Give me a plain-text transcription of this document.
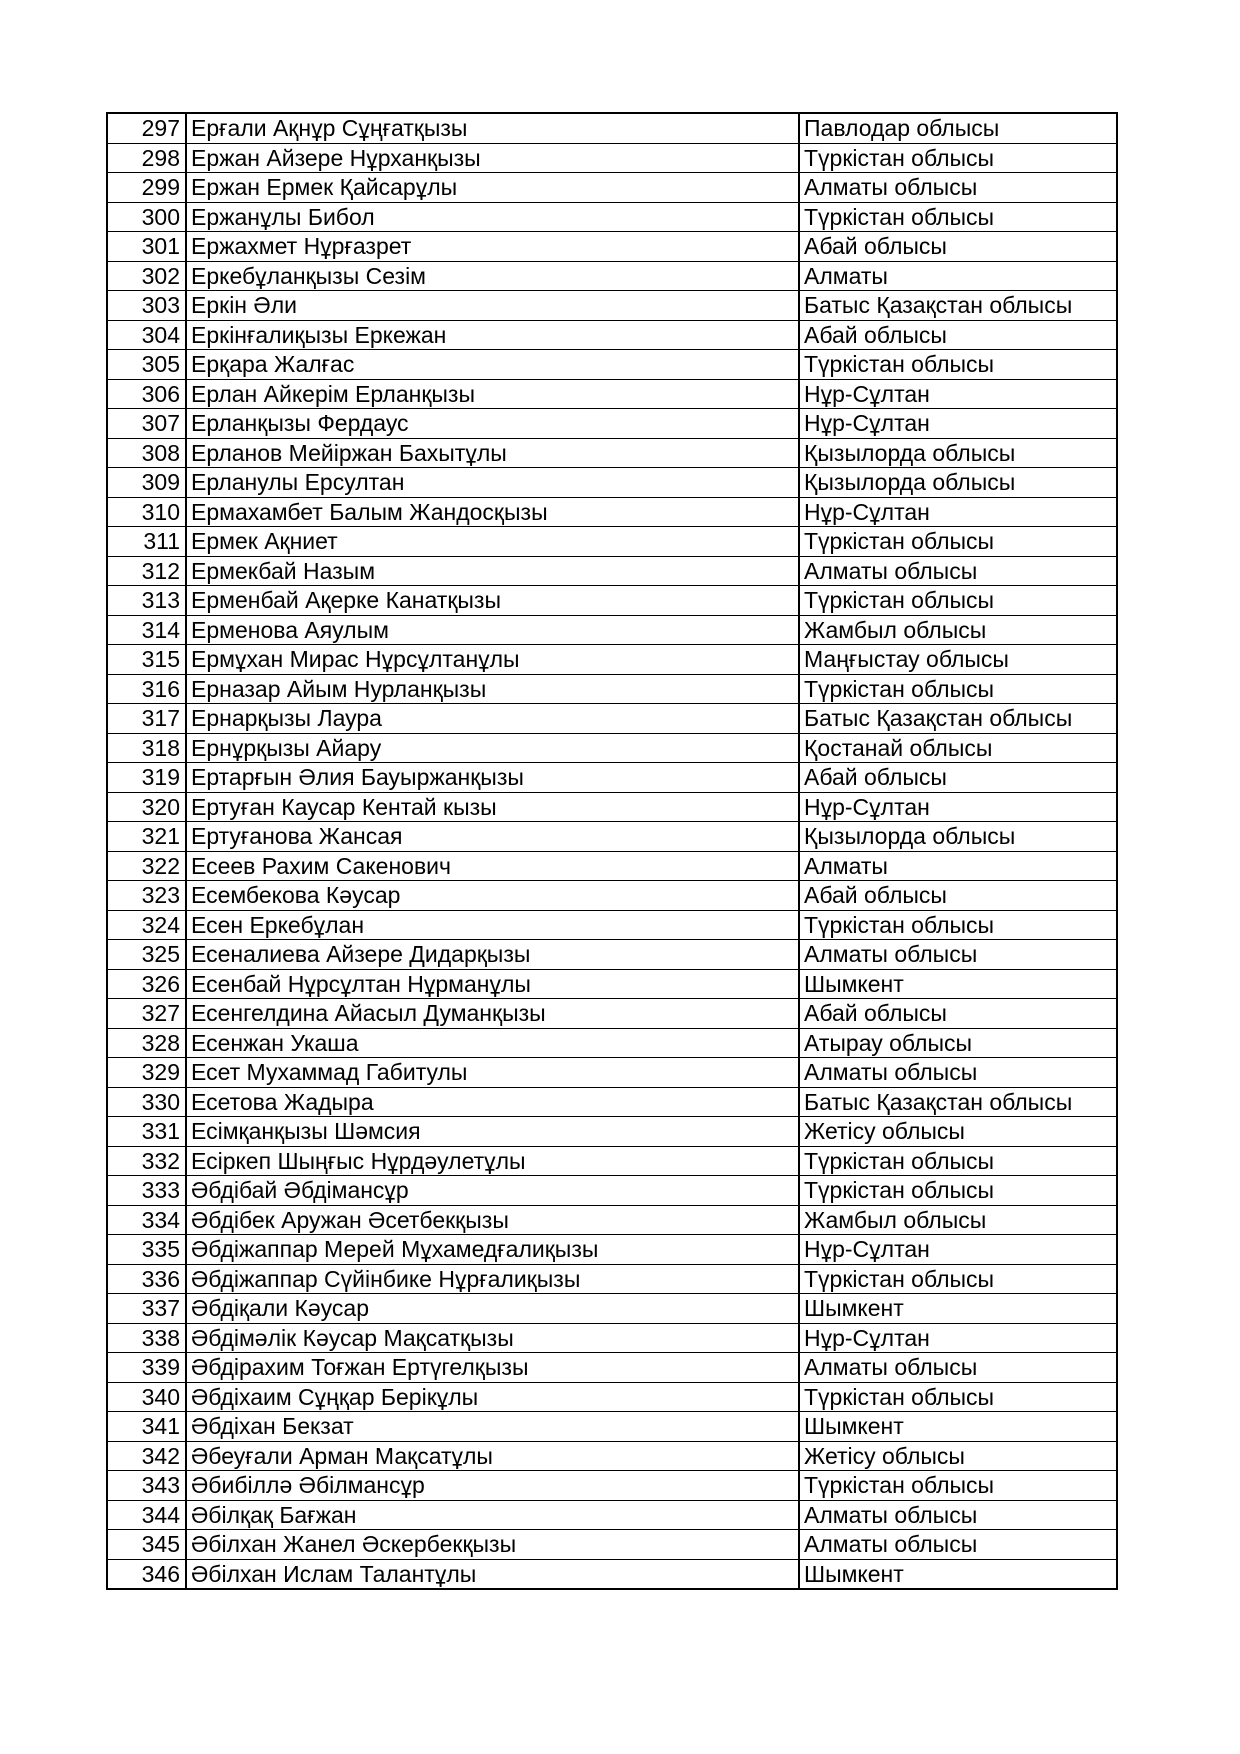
297	Ерғали Ақнұр Сұңғатқызы	Павлодар облысы
298	Ержан Айзере Нұрханқызы	Түркістан облысы
299	Ержан Ермек Қайсарұлы	Алматы облысы
300	Ержанұлы Бибол	Түркістан облысы
301	Ержахмет Нұрғазрет	Абай облысы
302	Еркебұланқызы Сезім	Алматы
303	Еркін Әли	Батыс Қазақстан облысы
304	Еркінғалиқызы Еркежан	Абай облысы
305	Ерқара Жалғас	Түркістан облысы
306	Ерлан Айкерім Ерланқызы	Нұр-Сұлтан
307	Ерланқызы Фердаус	Нұр-Сұлтан
308	Ерланов Мейіржан Бахытұлы	Қызылорда облысы
309	Ерланулы Ерсултан	Қызылорда облысы
310	Ермахамбет Балым Жандосқызы	Нұр-Сұлтан
311	Ермек Ақниет	Түркістан облысы
312	Ермекбай Назым	Алматы облысы
313	Ерменбай Ақерке Канатқызы	Түркістан облысы
314	Ерменова Аяулым	Жамбыл облысы
315	Ермұхан Мирас Нұрсұлтанұлы	Маңғыстау облысы
316	Ерназар Айым Нурланқызы	Түркістан облысы
317	Ернарқызы Лаура	Батыс Қазақстан облысы
318	Ернұрқызы Айару	Қостанай облысы
319	Ертарғын Әлия Бауыржанқызы	Абай облысы
320	Ертуған Каусар Кентай кызы	Нұр-Сұлтан
321	Ертуғанова Жансая	Қызылорда облысы
322	Есеев Рахим Сакенович	Алматы
323	Есембекова Кәусар	Абай облысы
324	Есен Еркебұлан	Түркістан облысы
325	Есеналиева Айзере Дидарқызы	Алматы облысы
326	Есенбай Нұрсұлтан Нұрманұлы	Шымкент
327	Есенгелдина Айасыл Думанқызы	Абай облысы
328	Есенжан Укаша	Атырау облысы
329	Есет Мухаммад Габитулы	Алматы облысы
330	Есетова Жадыра	Батыс Қазақстан облысы
331	Есімқанқызы Шәмсия	Жетісу облысы
332	Есіркеп Шыңғыс Нұрдәулетұлы	Түркістан облысы
333	Әбдібай Әбдімансұр	Түркістан облысы
334	Әбдібек Аружан Әсетбекқызы	Жамбыл облысы
335	Әбдіжаппар Мерей Мұхамедғалиқызы	Нұр-Сұлтан
336	Әбдіжаппар Сүйінбике Нұрғалиқызы	Түркістан облысы
337	Әбдіқали Кәусар	Шымкент
338	Әбдімәлік Кәусар Мақсатқызы	Нұр-Сұлтан
339	Әбдірахим Тоғжан Ертүгелқызы	Алматы облысы
340	Әбдіхаим Сұңқар Берікұлы	Түркістан облысы
341	Әбдіхан Бекзат	Шымкент
342	Әбеуғали Арман Мақсатұлы	Жетісу облысы
343	Әбибіллә Әбілмансұр	Түркістан облысы
344	Әбілқақ Бағжан	Алматы облысы
345	Әбілхан Жанел Әскербекқызы	Алматы облысы
346	Әбілхан Ислам Талантұлы	Шымкент
